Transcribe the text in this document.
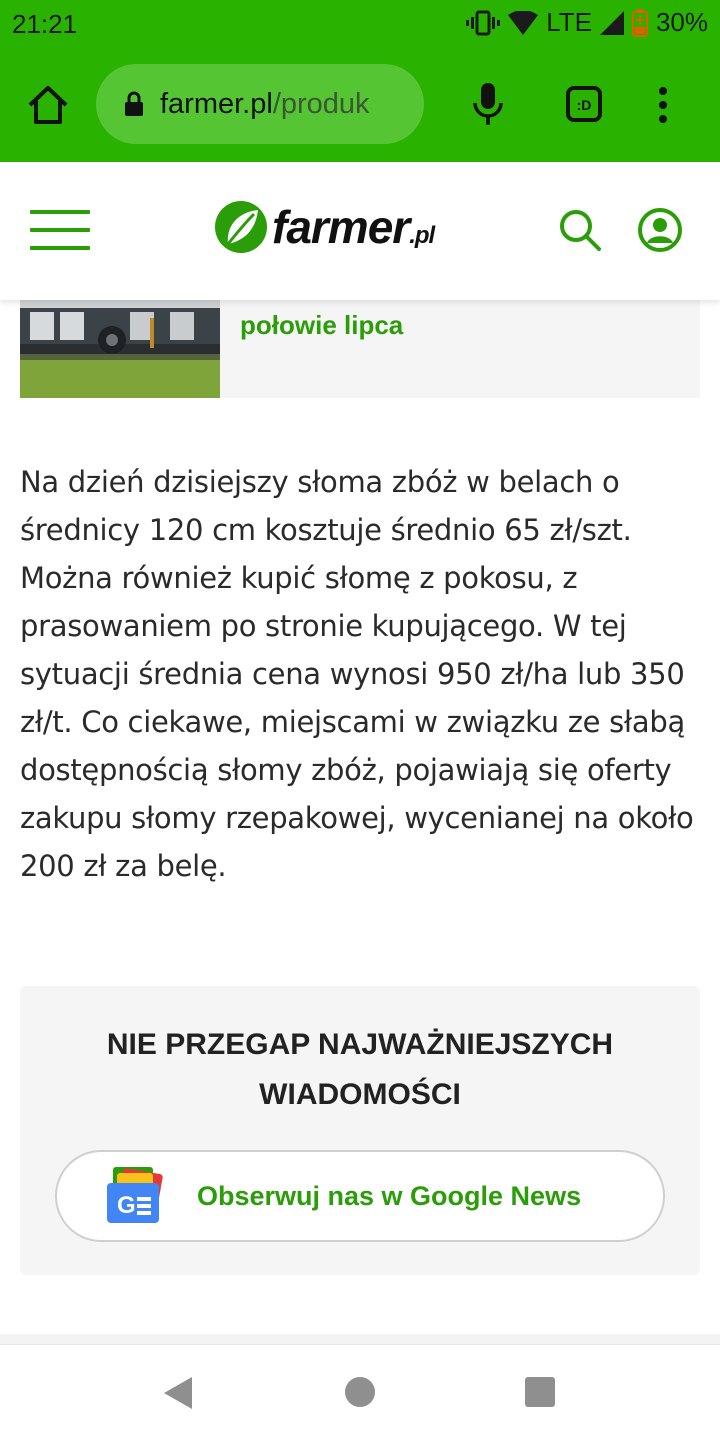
21:21	LTE 30%
farmer.pl/produk	:D
farmer.pl
połowie lipca

Na dzień dzisiejszy słoma zbóż w belach o średnicy 120 cm kosztuje średnio 65 zł/szt. Można również kupić słomę z pokosu, z prasowaniem po stronie kupującego. W tej sytuacji średnia cena wynosi 950 zł/ha lub 350 zł/t. Co ciekawe, miejscami w związku ze słabą dostępnością słomy zbóż, pojawiają się oferty zakupu słomy rzepakowej, wycenianej na około 200 zł za belę.

NIE PRZEGAP NAJWAŻNIEJSZYCH
WIADOMOŚCI
G Obserwuj nas w Google News
